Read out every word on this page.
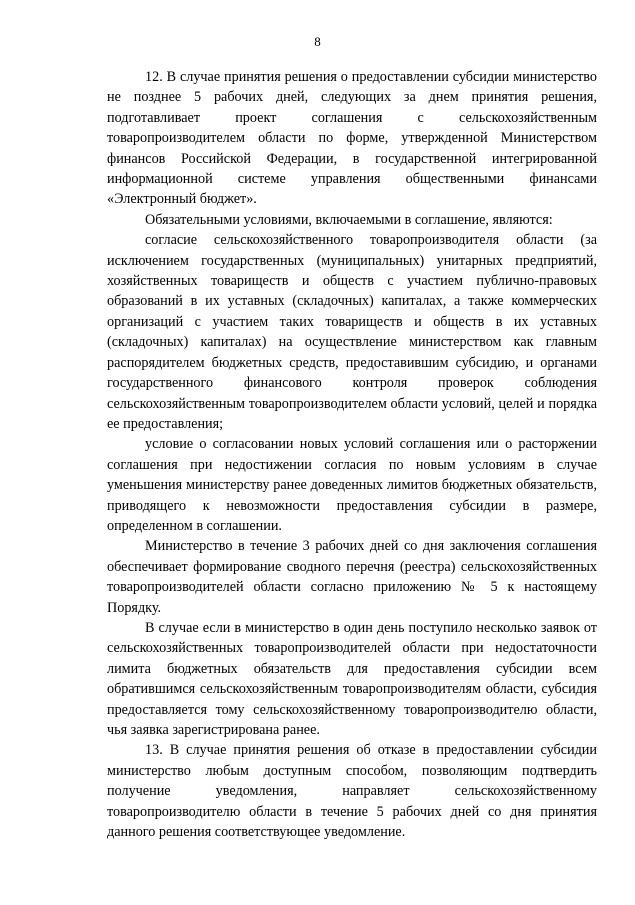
8

12. В случае принятия решения о предоставлении субсидии министерство не позднее 5 рабочих дней, следующих за днем принятия решения, подготавливает проект соглашения с сельскохозяйственным товаропроизводителем области по форме, утвержденной Министерством финансов Российской Федерации, в государственной интегрированной информационной системе управления общественными финансами «Электронный бюджет».

Обязательными условиями, включаемыми в соглашение, являются:

согласие сельскохозяйственного товаропроизводителя области (за исключением государственных (муниципальных) унитарных предприятий, хозяйственных товариществ и обществ с участием публично-правовых образований в их уставных (складочных) капиталах, а также коммерческих организаций с участием таких товариществ и обществ в их уставных (складочных) капиталах) на осуществление министерством как главным распорядителем бюджетных средств, предоставившим субсидию, и органами государственного финансового контроля проверок соблюдения сельскохозяйственным товаропроизводителем области условий, целей и порядка ее предоставления;

условие о согласовании новых условий соглашения или о расторжении соглашения при недостижении согласия по новым условиям в случае уменьшения министерству ранее доведенных лимитов бюджетных обязательств, приводящего к невозможности предоставления субсидии в размере, определенном в соглашении.

Министерство в течение 3 рабочих дней со дня заключения соглашения обеспечивает формирование сводного перечня (реестра) сельскохозяйственных товаропроизводителей области согласно приложению № 5 к настоящему Порядку.

В случае если в министерство в один день поступило несколько заявок от сельскохозяйственных товаропроизводителей области при недостаточности лимита бюджетных обязательств для предоставления субсидии всем обратившимся сельскохозяйственным товаропроизводителям области, субсидия предоставляется тому сельскохозяйственному товаропроизводителю области, чья заявка зарегистрирована ранее.

13. В случае принятия решения об отказе в предоставлении субсидии министерство любым доступным способом, позволяющим подтвердить получение уведомления, направляет сельскохозяйственному товаропроизводителю области в течение 5 рабочих дней со дня принятия данного решения соответствующее уведомление.
